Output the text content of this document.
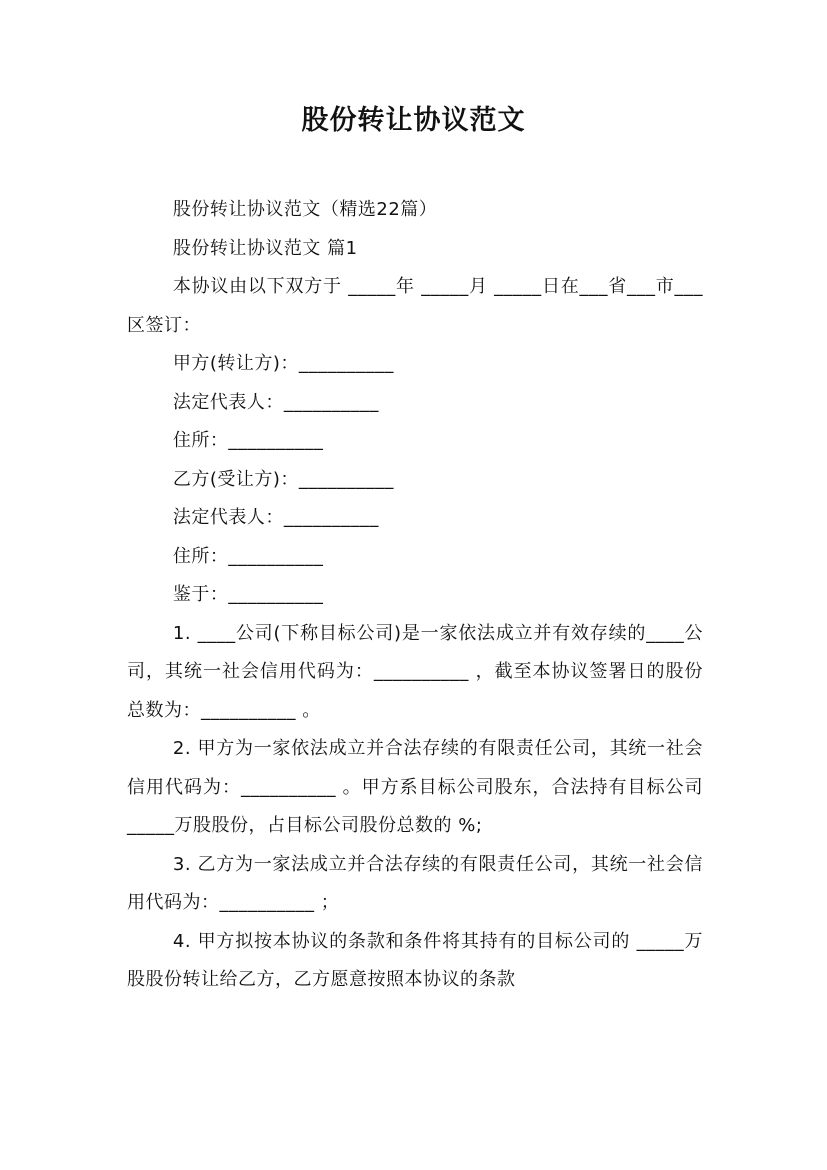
股份转让协议范文

股份转让协议范文（精选22篇）

股份转让协议范文 篇1

本协议由以下双方于 _____年 _____月 _____日在___省___市___区签订：

甲方(转让方)：__________

法定代表人：__________

住所：__________

乙方(受让方)：__________

法定代表人：__________

住所：__________

鉴于：__________

1. ____公司(下称目标公司)是一家依法成立并有效存续的____公司，其统一社会信用代码为：__________ ，截至本协议签署日的股份总数为：__________ 。

2. 甲方为一家依法成立并合法存续的有限责任公司，其统一社会信用代码为：__________ 。甲方系目标公司股东，合法持有目标公司 _____万股股份，占目标公司股份总数的 %;

3. 乙方为一家法成立并合法存续的有限责任公司，其统一社会信用代码为：__________ ；

4. 甲方拟按本协议的条款和条件将其持有的目标公司的 _____万股股份转让给乙方，乙方愿意按照本协议的条款
